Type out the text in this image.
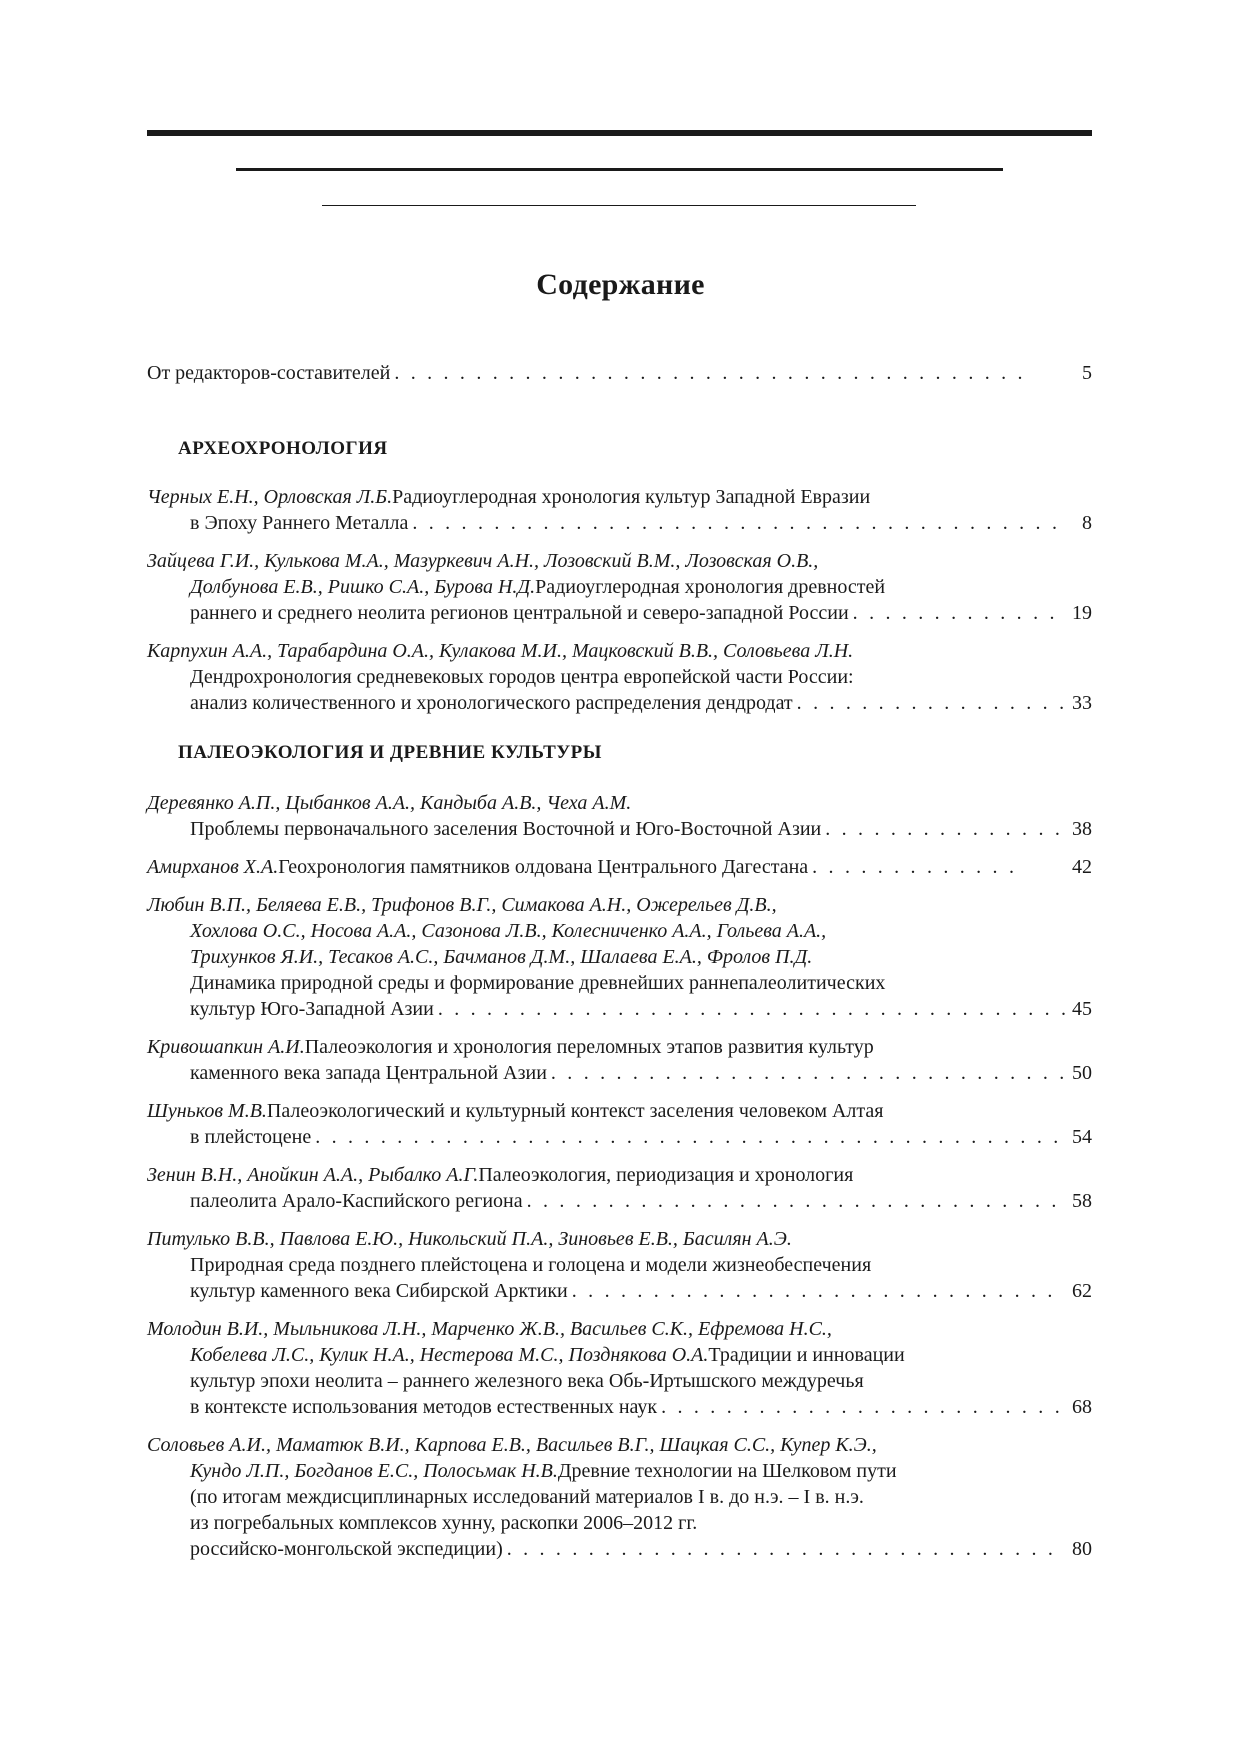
Содержание
От редакторов-составителей . . .	5
АРХЕОХРОНОЛОГИЯ
Черных Е.Н., Орловская Л.Б. Радиоуглеродная хронология культур Западной Евразии
в Эпоху Раннего Металла . . .	8
Зайцева Г.И., Кулькова М.А., Мазуркевич А.Н., Лозовский В.М., Лозовская О.В.,
Долбунова Е.В., Ришко С.А., Бурова Н.Д. Радиоуглеродная хронология древностей
раннего и среднего неолита регионов центральной и северо-западной России . . .	19
Карпухин А.А., Тарабардина О.А., Кулакова М.И., Мацковский В.В., Соловьева Л.Н.
Дендрохронология средневековых городов центра европейской части России:
анализ количественного и хронологического распределения дендродат . . .	33
ПАЛЕОЭКОЛОГИЯ И ДРЕВНИЕ КУЛЬТУРЫ
Деревянко А.П., Цыбанков А.А., Кандыба А.В., Чеха А.М.
Проблемы первоначального заселения Восточной и Юго-Восточной Азии . . .	38
Амирханов Х.А. Геохронология памятников олдована Центрального Дагестана . . .	42
Любин В.П., Беляева Е.В., Трифонов В.Г., Симакова А.Н., Ожерельев Д.В.,
Хохлова О.С., Носова А.А., Сазонова Л.В., Колесниченко А.А., Гольева А.А.,
Трихунков Я.И., Тесаков А.С., Бачманов Д.М., Шалаева Е.А., Фролов П.Д.
Динамика природной среды и формирование древнейших раннепалеолитических
культур Юго-Западной Азии . . .	45
Кривошапкин А.И. Палеоэкология и хронология переломных этапов развития культур
каменного века запада Центральной Азии . . .	50
Шуньков М.В. Палеоэкологический и культурный контекст заселения человеком Алтая
в плейстоцене . . .	54
Зенин В.Н., Анойкин А.А., Рыбалко А.Г. Палеоэкология, периодизация и хронология
палеолита Арало-Каспийского региона . . .	58
Питулько В.В., Павлова Е.Ю., Никольский П.А., Зиновьев Е.В., Басилян А.Э.
Природная среда позднего плейстоцена и голоцена и модели жизнеобеспечения
культур каменного века Сибирской Арктики . . .	62
Молодин В.И., Мыльникова Л.Н., Марченко Ж.В., Васильев С.К., Ефремова Н.С.,
Кобелева Л.С., Кулик Н.А., Нестерова М.С., Позднякова О.А. Традиции и инновации
культур эпохи неолита – раннего железного века Обь-Иртышского междуречья
в контексте использования методов естественных наук . . .	68
Соловьев А.И., Маматюк В.И., Карпова Е.В., Васильев В.Г., Шацкая С.С., Купер К.Э.,
Кундо Л.П., Богданов Е.С., Полосьмак Н.В. Древние технологии на Шелковом пути
(по итогам междисциплинарных исследований материалов I в. до н.э. – I в. н.э.
из погребальных комплексов хунну, раскопки 2006–2012 гг.
российско-монгольской экспедиции) . . .	80
